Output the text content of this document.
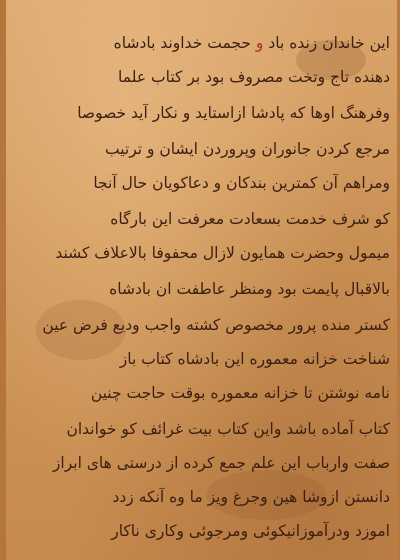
این خاندان زنده باد و حجمت خداوند بادشاه
دهنده تاج وتخت مصروف بود بر کتاب علما
وفرهنگ اوها که پادشا ازاستاید و نکار آید خصوصا
مرجع کردن جانوران وپروردن ایشان و ترتیب
ومراهم آن کمترین بندکان و دعاکویان حال آنجا
کو شرف خدمت بسعادت معرفت این بارگاه
میمول وحضرت همایون لازال محفوفا بالاعلاف کشند
بالاقبال پایمت بود ومنظر عاطفت ان بادشاه
کستر منده پرور مخصوص کشته واجب ودیع فرض عین
شناخت خزانه معموره این بادشاه کتاب باز
نامه نوشتن تا خزانه معموره بوقت حاجت چنین
کتاب آماده باشد واین کتاب بیت غرائف کو خواندان
صفت وارباب این علم جمع کرده از درستی های ابراز
دانستن ازوشا هین وجرغ ویز ما وه آنکه زدد
اموزد ودرآموزانیکوئی ومرجوئی وکاری ناکار
